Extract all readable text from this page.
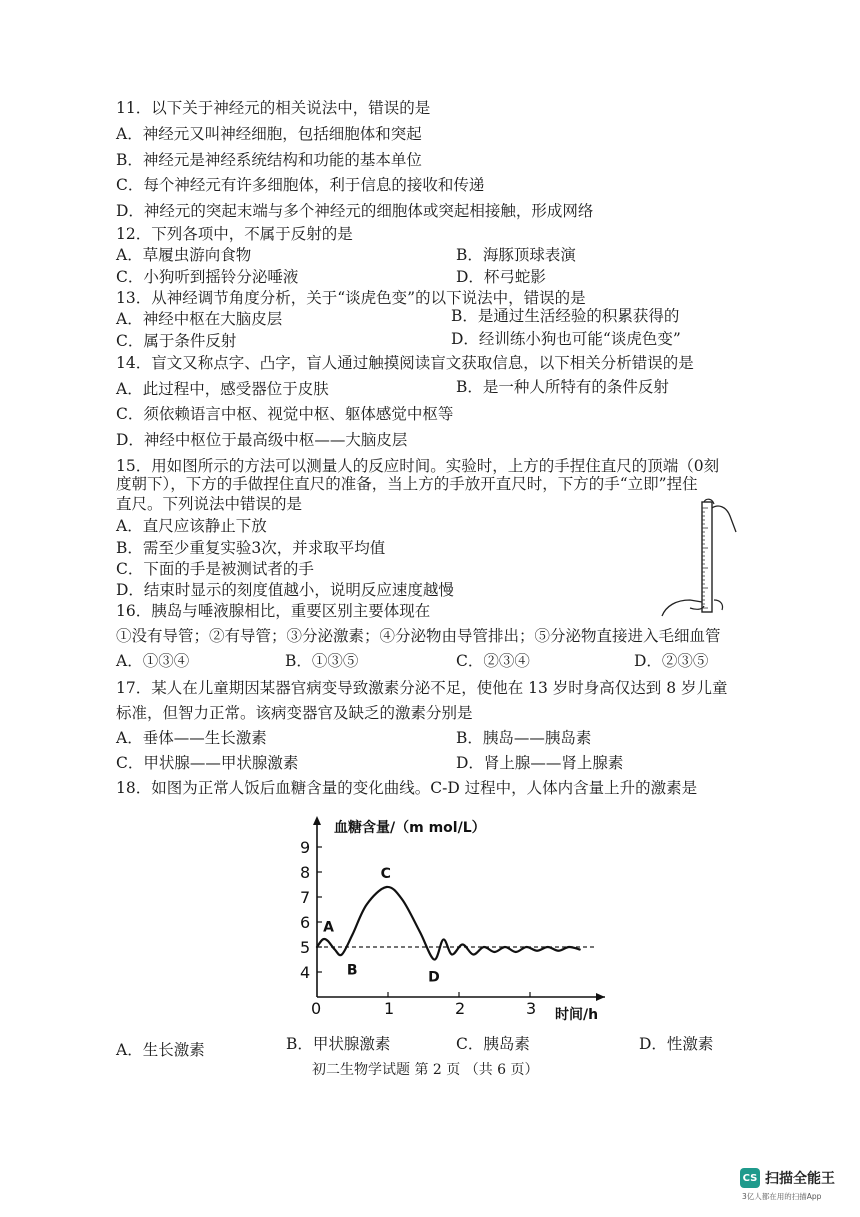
11．以下关于神经元的相关说法中，错误的是
A．神经元又叫神经细胞，包括细胞体和突起
B．神经元是神经系统结构和功能的基本单位
C．每个神经元有许多细胞体，利于信息的接收和传递
D．神经元的突起末端与多个神经元的细胞体或突起相接触，形成网络
12．下列各项中，不属于反射的是
A．草履虫游向食物	B．海豚顶球表演
C．小狗听到摇铃分泌唾液	D．杯弓蛇影
13．从神经调节角度分析，关于“谈虎色变”的以下说法中，错误的是
A．神经中枢在大脑皮层	B．是通过生活经验的积累获得的
C．属于条件反射	D．经训练小狗也可能“谈虎色变”
14．盲文又称点字、凸字，盲人通过触摸阅读盲文获取信息，以下相关分析错误的是
A．此过程中，感受器位于皮肤	B．是一种人所特有的条件反射
C．须依赖语言中枢、视觉中枢、躯体感觉中枢等
D．神经中枢位于最高级中枢——大脑皮层
15．用如图所示的方法可以测量人的反应时间。实验时，上方的手捏住直尺的顶端（0刻
度朝下），下方的手做捏住直尺的准备，当上方的手放开直尺时，下方的手“立即”捏住
直尺。下列说法中错误的是
A．直尺应该静止下放
B．需至少重复实验3次，并求取平均值
C．下面的手是被测试者的手
D．结束时显示的刻度值越小，说明反应速度越慢
16．胰岛与唾液腺相比，重要区别主要体现在
①没有导管；②有导管；③分泌激素；④分泌物由导管排出；⑤分泌物直接进入毛细血管
A．①③④	B．①③⑤	C．②③④	D．②③⑤
17．某人在儿童期因某器官病变导致激素分泌不足，使他在 13 岁时身高仅达到 8 岁儿童
标准，但智力正常。该病变器官及缺乏的激素分别是
A．垂体——生长激素	B．胰岛——胰岛素
C．甲状腺——甲状腺激素	D．肾上腺——肾上腺素
18．如图为正常人饭后血糖含量的变化曲线。C-D 过程中，人体内含量上升的激素是
4
5
6
7
8
9
0	1	2	3
A
B
C
D
血糖含量/（m mol/L）
时间/h
A．生长激素	B．甲状腺激素	C．胰岛素	D．性激素
初二生物学试题 第 2 页 （共 6 页）
CS 扫描全能王
3亿人都在用的扫描App
